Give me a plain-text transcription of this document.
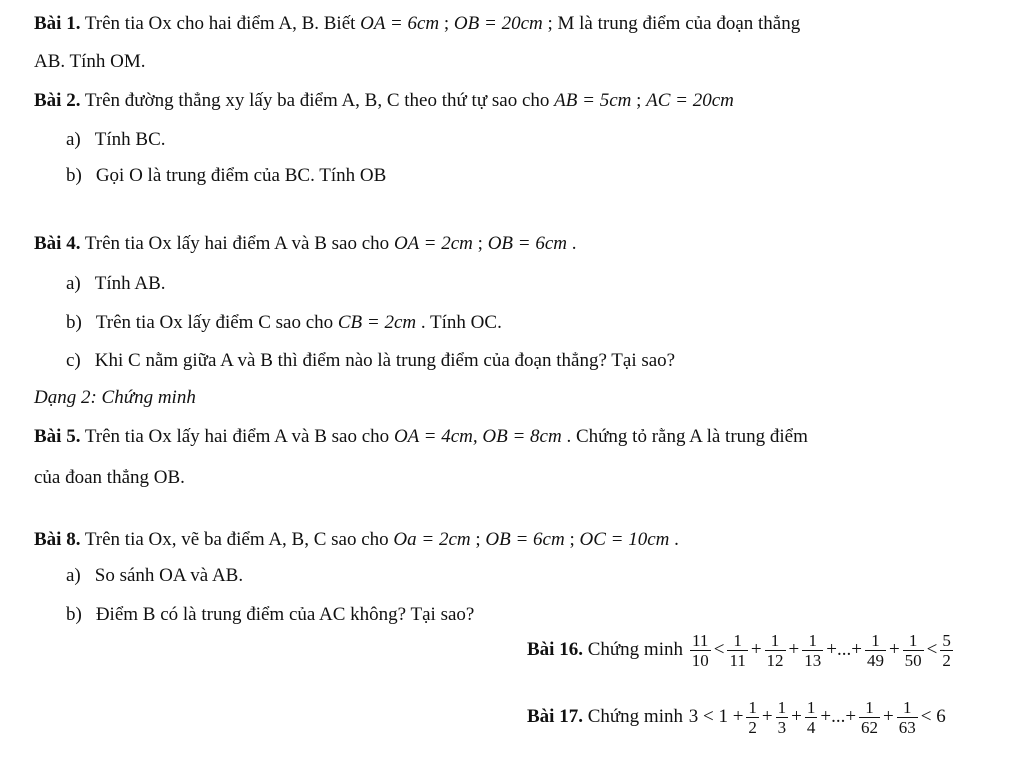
Bài 1. Trên tia Ox cho hai điểm A, B. Biết OA = 6cm ; OB = 20cm ; M là trung điểm của đoạn thẳng
AB. Tính OM.
Bài 2. Trên đường thẳng xy lấy ba điểm A, B, C theo thứ tự sao cho AB = 5cm ; AC = 20cm
a) Tính BC.
b) Gọi O là trung điểm của BC. Tính OB
Bài 4. Trên tia Ox lấy hai điểm A và B sao cho OA = 2cm ; OB = 6cm .
a) Tính AB.
b) Trên tia Ox lấy điểm C sao cho CB = 2cm . Tính OC.
c) Khi C nằm giữa A và B thì điểm nào là trung điểm của đoạn thẳng? Tại sao?
Dạng 2: Chứng minh
Bài 5. Trên tia Ox lấy hai điểm A và B sao cho OA = 4cm, OB = 8cm . Chứng tỏ rằng A là trung điểm
của đoan thẳng OB.
Bài 8. Trên tia Ox, vẽ ba điểm A, B, C sao cho Oa = 2cm ; OB = 6cm ; OC = 10cm .
a) So sánh OA và AB.
b) Điểm B có là trung điểm của AC không? Tại sao?
Bài 16. Chứng minh $\frac{11}{10} < \frac{1}{11} + \frac{1}{12} + \frac{1}{13}$ +...+ $\frac{1}{49} + \frac{1}{50} < \frac{5}{2}$
Bài 17. Chứng minh $3 < 1 + \frac{1}{2} + \frac{1}{3} + \frac{1}{4}$ +...+ $\frac{1}{62} + \frac{1}{63} < 6$
